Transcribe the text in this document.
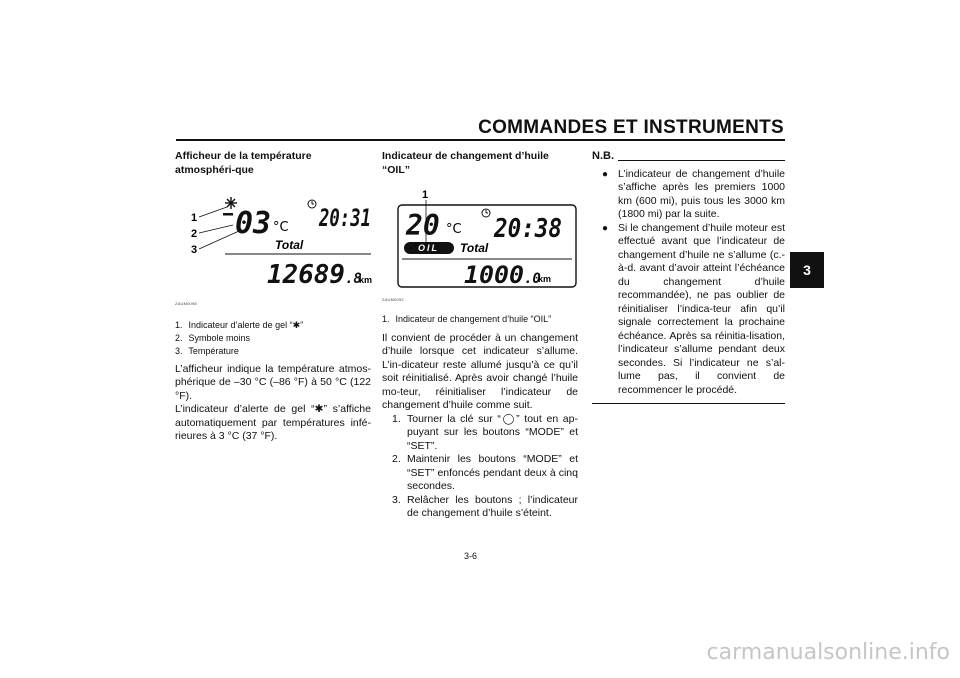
COMMANDES ET INSTRUMENTS
3
Afficheur de la température atmosphéri-que
1
2
3
03 °C 20:31
Total
12689 .8
km
ZAUM0098
1. Indicateur d’alerte de gel “✱”
2. Symbole moins
3. Température

L’afficheur indique la température atmos-phérique de –30 °C (–86 °F) à 50 °C (122 °F).

L’indicateur d’alerte de gel “✱” s’affiche automatiquement par températures infé-rieures à 3 °C (37 °F).

Indicateur de changement d’huile “OIL”
1
20 °C 20:38
OIL Total
1000 .0
km
ZAUM0092
1. Indicateur de changement d’huile “OIL”

Il convient de procéder à un changement d’huile lorsque cet indicateur s’allume. L’in-dicateur reste allumé jusqu’à ce qu’il soit réinitialisé. Après avoir changé l’huile mo-teur, réinitialiser l’indicateur de changement d’huile comme suit.

1. Tourner la clé sur “◯” tout en ap-puyant sur les boutons “MODE” et “SET”.
2. Maintenir les boutons “MODE” et “SET” enfoncés pendant deux à cinq secondes.
3. Relâcher les boutons ; l’indicateur de changement d’huile s’éteint.
N.B.
● L’indicateur de changement d’huile s’affiche après les premiers 1000 km (600 mi), puis tous les 3000 km (1800 mi) par la suite.
● Si le changement d’huile moteur est effectué avant que l’indicateur de changement d’huile ne s’allume (c.-à-d. avant d’avoir atteint l’échéance du changement d’huile recommandée), ne pas oublier de réinitialiser l’indica-teur afin qu’il signale correctement la prochaine échéance. Après sa réinitia-lisation, l’indicateur s’allume pendant deux secondes. Si l’indicateur ne s’al-lume pas, il convient de recommencer le procédé.
3-6
carmanualsonline.info
